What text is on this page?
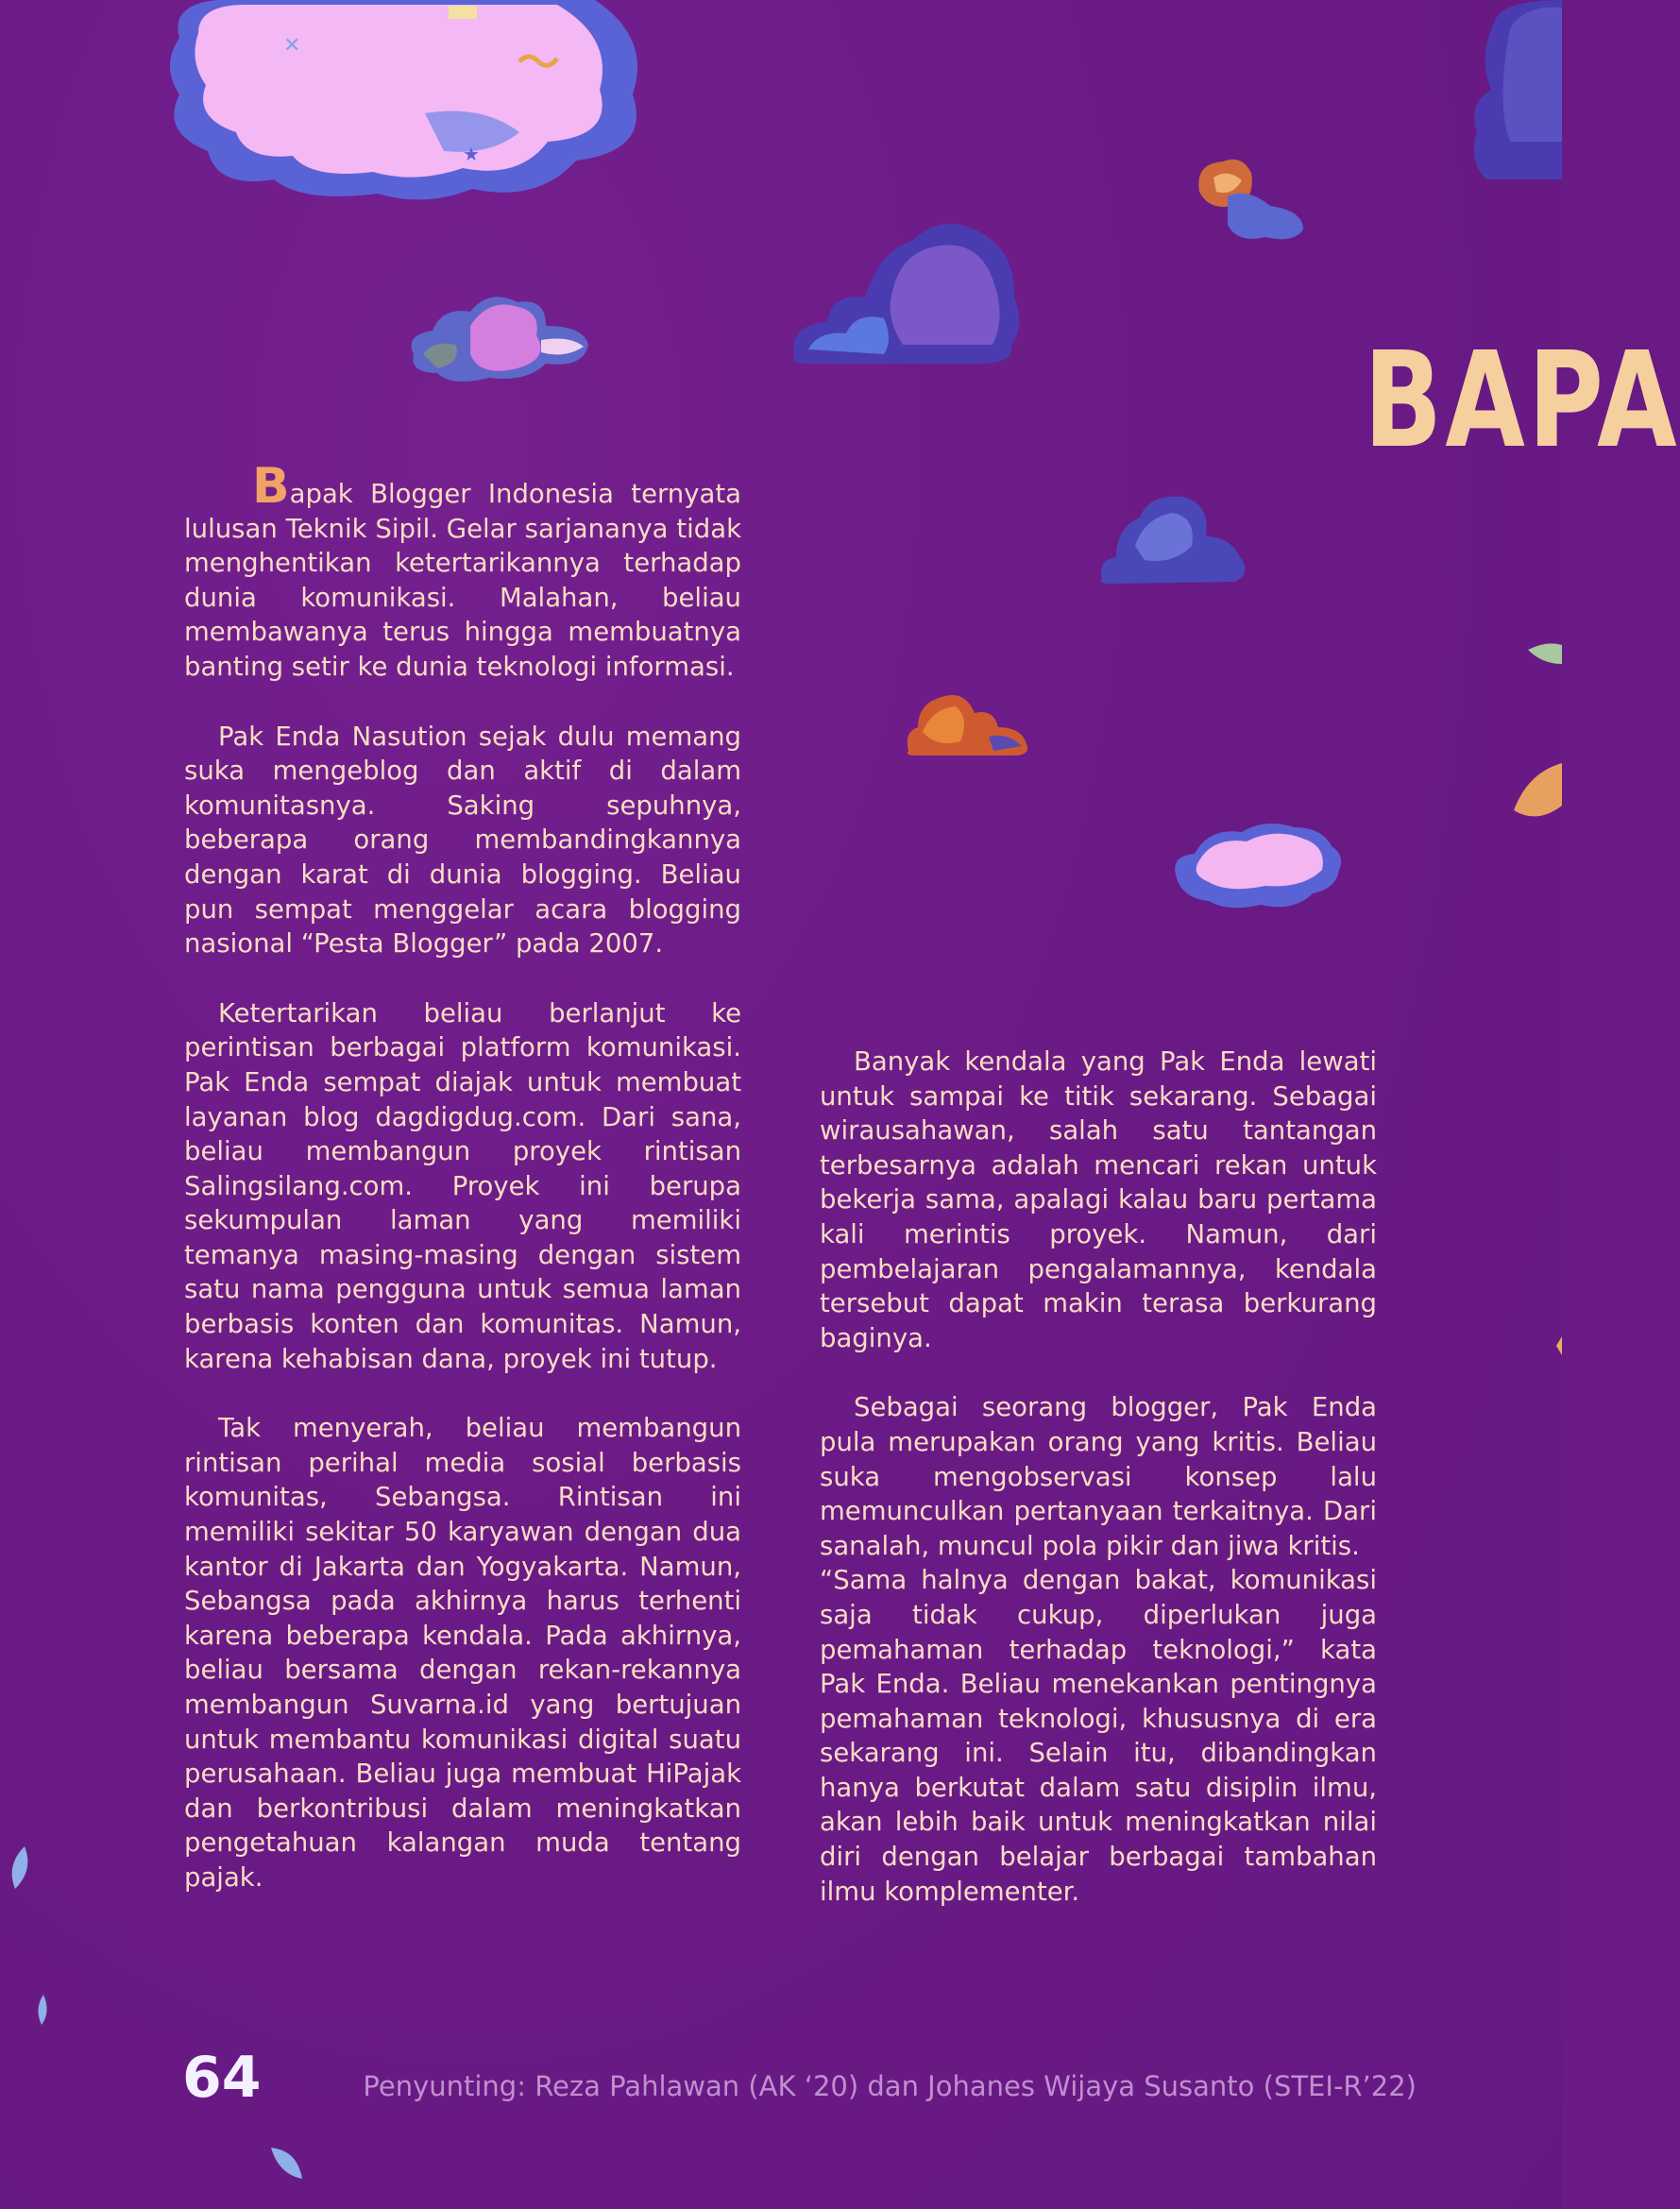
✕
★
BAPA

Bapak Blogger Indonesia ternyata lulusan Teknik Sipil. Gelar sarjananya tidak menghentikan ketertarikannya terhadap dunia komunikasi. Malahan, beliau membawanya terus hingga membuatnya banting setir ke dunia teknologi informasi.

Pak Enda Nasution sejak dulu memang suka mengeblog dan aktif di dalam komunitasnya. Saking sepuhnya, beberapa orang membandingkannya dengan karat di dunia blogging. Beliau pun sempat menggelar acara blogging nasional “Pesta Blogger” pada 2007.

Ketertarikan beliau berlanjut ke perintisan berbagai platform komunikasi. Pak Enda sempat diajak untuk membuat layanan blog dagdigdug.com. Dari sana, beliau membangun proyek rintisan Salingsilang.com. Proyek ini berupa sekumpulan laman yang memiliki temanya masing-masing dengan sistem satu nama pengguna untuk semua laman berbasis konten dan komunitas. Namun, karena kehabisan dana, proyek ini tutup.

Tak menyerah, beliau membangun rintisan perihal media sosial berbasis komunitas, Sebangsa. Rintisan ini memiliki sekitar 50 karyawan dengan dua kantor di Jakarta dan Yogyakarta. Namun, Sebangsa pada akhirnya harus terhenti karena beberapa kendala. Pada akhirnya, beliau bersama dengan rekan-rekannya membangun Suvarna.id yang bertujuan untuk membantu komunikasi digital suatu perusahaan. Beliau juga membuat HiPajak dan berkontribusi dalam meningkatkan pengetahuan kalangan muda tentang pajak.

Banyak kendala yang Pak Enda lewati untuk sampai ke titik sekarang. Sebagai wirausahawan, salah satu tantangan terbesarnya adalah mencari rekan untuk bekerja sama, apalagi kalau baru pertama kali merintis proyek. Namun, dari pembelajaran pengalamannya, kendala tersebut dapat makin terasa berkurang baginya.

Sebagai seorang blogger, Pak Enda pula merupakan orang yang kritis. Beliau suka mengobservasi konsep lalu memunculkan pertanyaan terkaitnya. Dari sanalah, muncul pola pikir dan jiwa kritis.

“Sama halnya dengan bakat, komunikasi saja tidak cukup, diperlukan juga pemahaman terhadap teknologi,” kata Pak Enda. Beliau menekankan pentingnya pemahaman teknologi, khususnya di era sekarang ini. Selain itu, dibandingkan hanya berkutat dalam satu disiplin ilmu, akan lebih baik untuk meningkatkan nilai diri dengan belajar berbagai tambahan ilmu komplementer.

64	Penyunting: Reza Pahlawan (AK ‘20) dan Johanes Wijaya Susanto (STEI-R’22)
